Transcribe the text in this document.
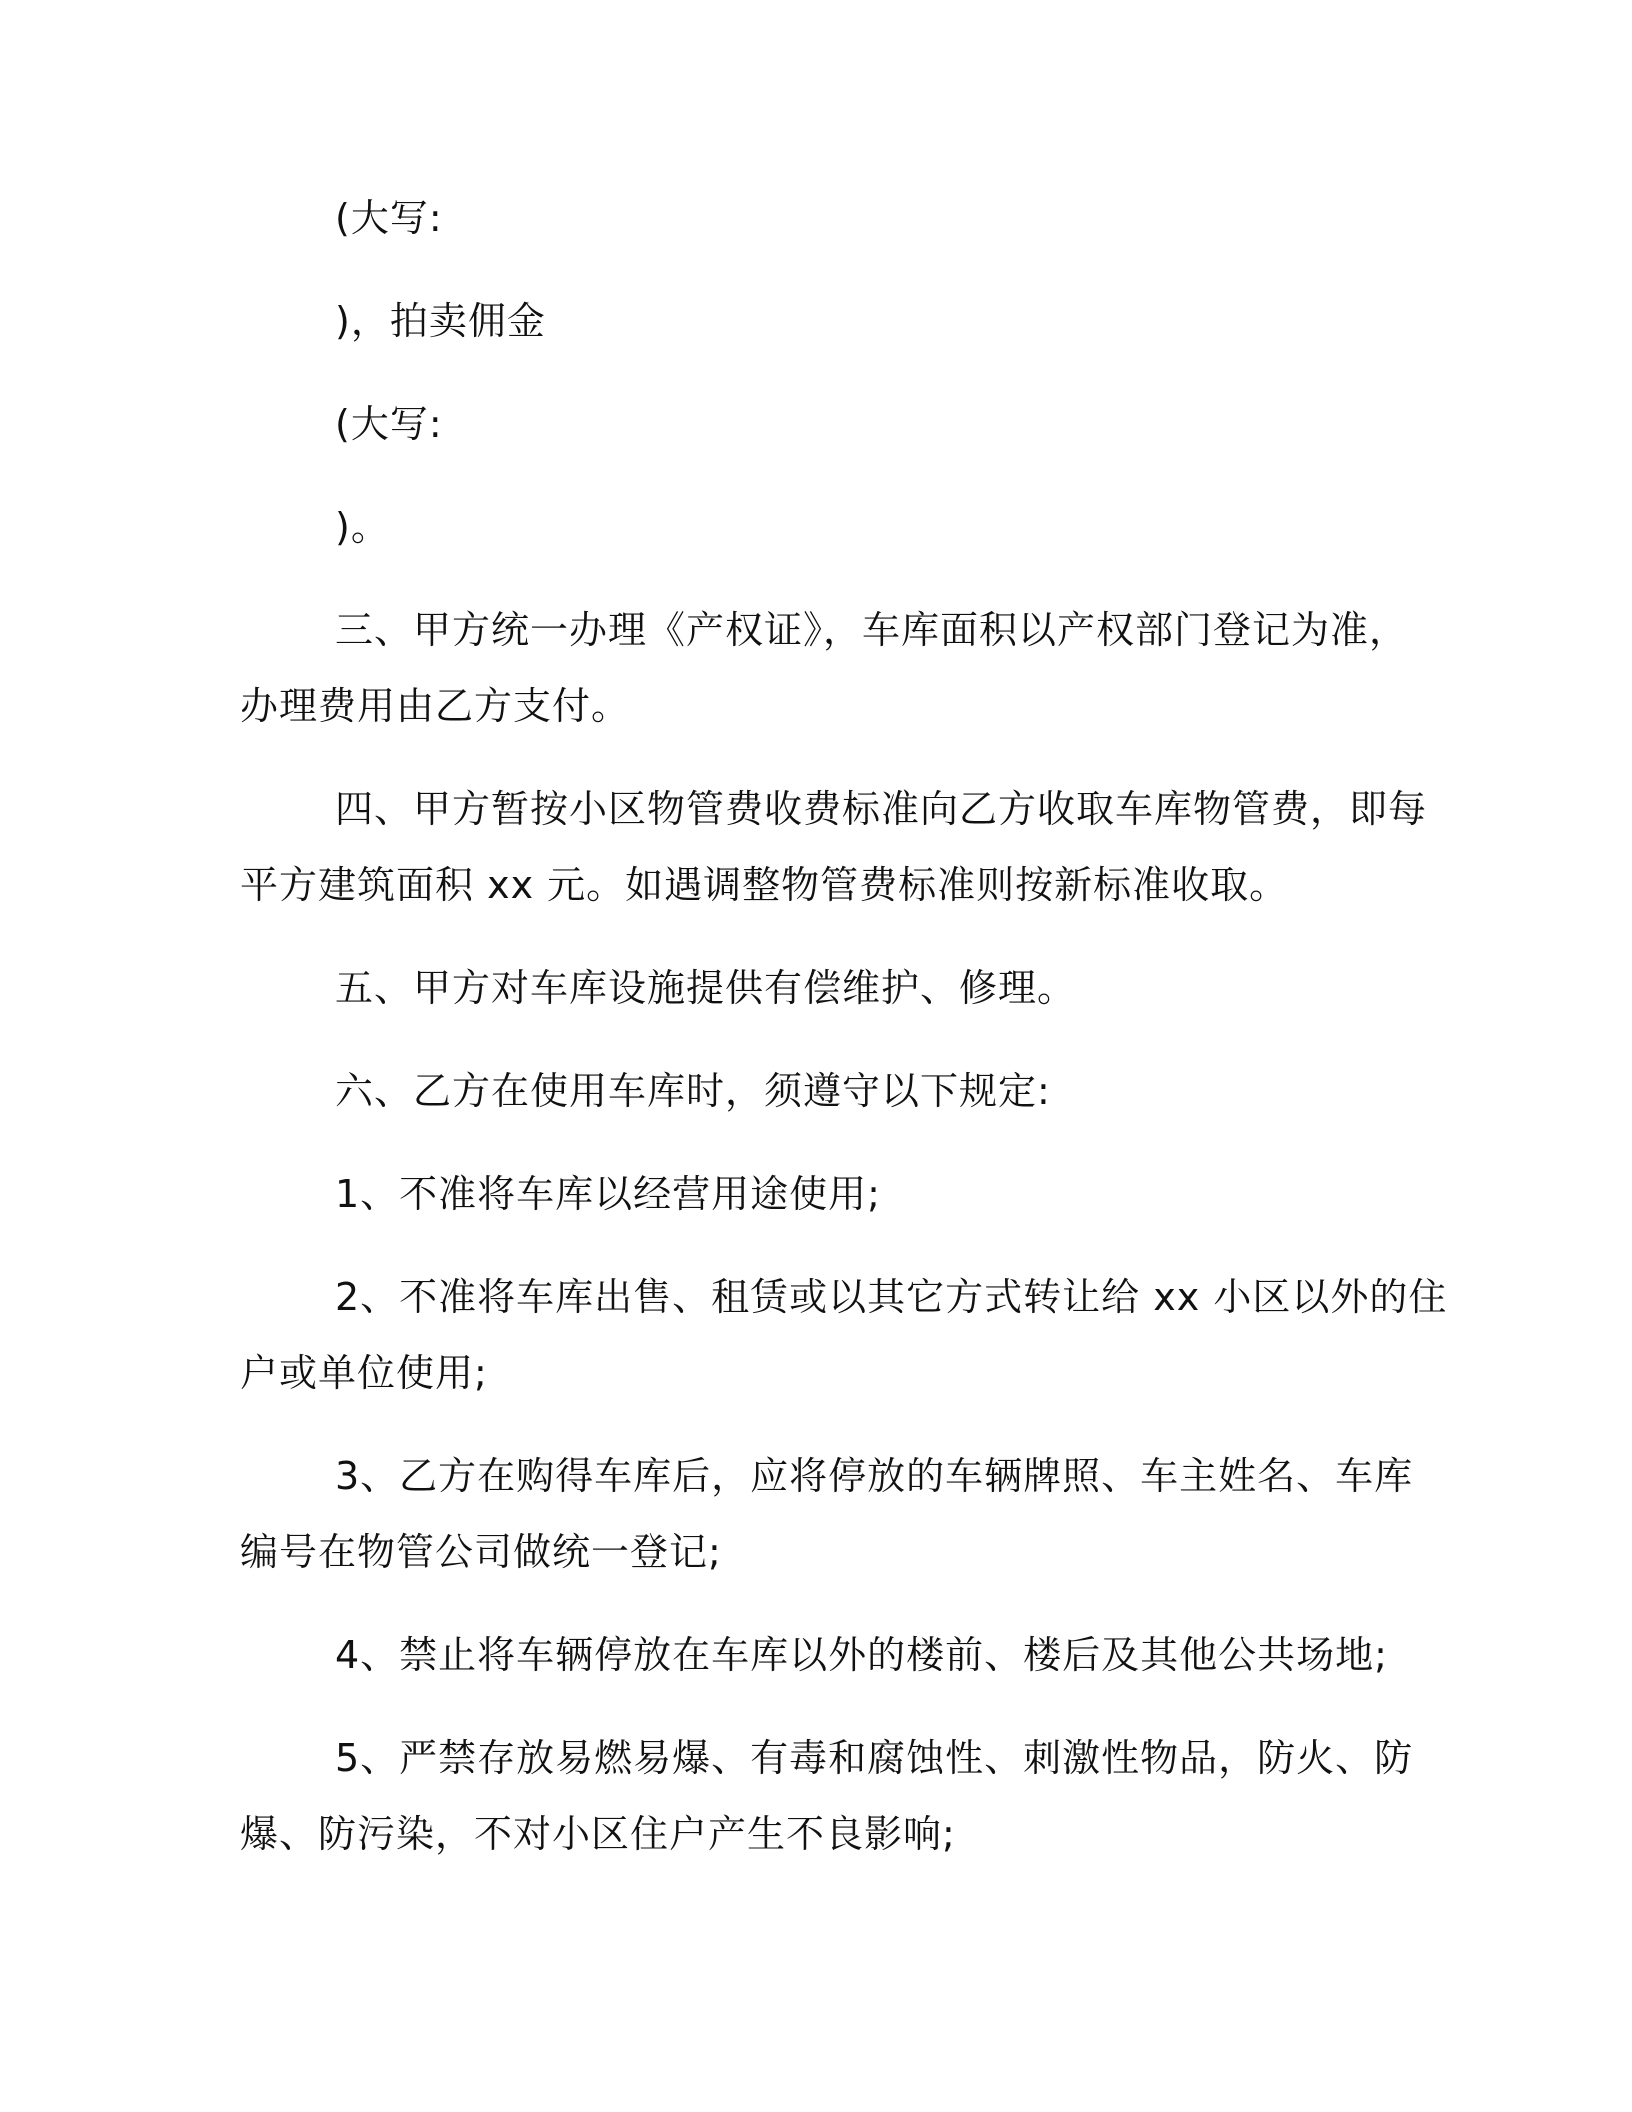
(大写:

)，拍卖佣金

(大写:

)。

三、甲方统一办理《产权证》，车库面积以产权部门登记为准，

办理费用由乙方支付。

四、甲方暂按小区物管费收费标准向乙方收取车库物管费，即每

平方建筑面积 xx 元。如遇调整物管费标准则按新标准收取。

五、甲方对车库设施提供有偿维护、修理。

六、乙方在使用车库时，须遵守以下规定:

1、不准将车库以经营用途使用;

2、不准将车库出售、租赁或以其它方式转让给 xx 小区以外的住

户或单位使用;

3、乙方在购得车库后，应将停放的车辆牌照、车主姓名、车库

编号在物管公司做统一登记;

4、禁止将车辆停放在车库以外的楼前、楼后及其他公共场地;

5、严禁存放易燃易爆、有毒和腐蚀性、刺激性物品，防火、防

爆、防污染，不对小区住户产生不良影响;
